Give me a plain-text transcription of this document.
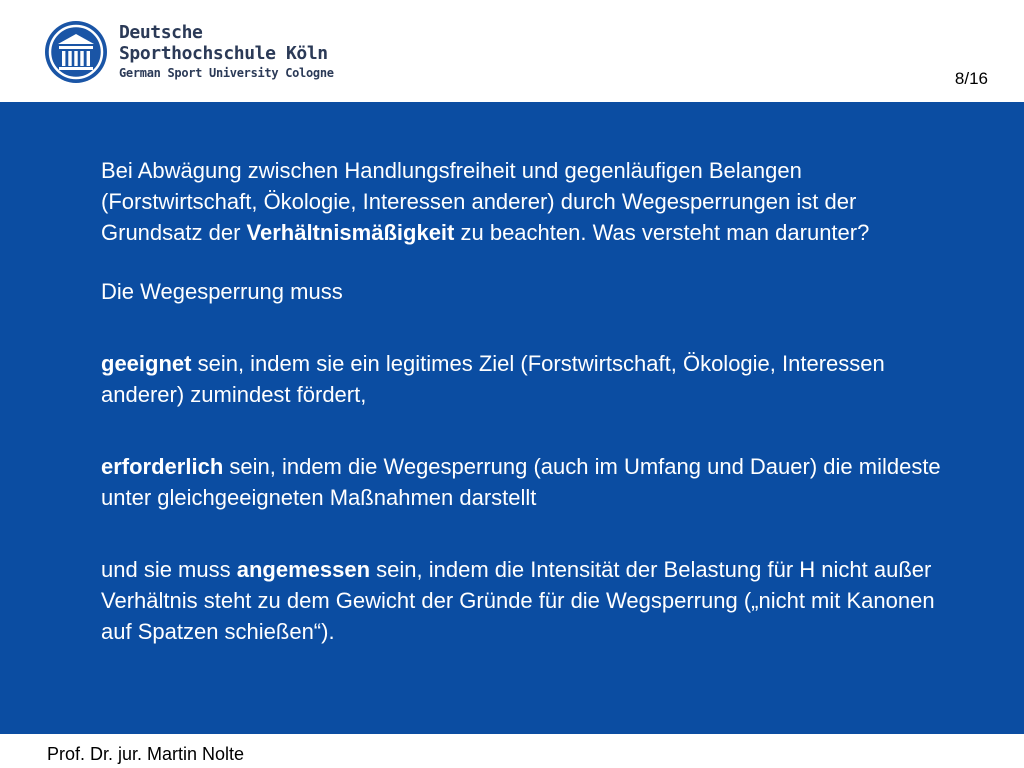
Deutsche
Sporthochschule Köln
German Sport University Cologne	8/16

Bei Abwägung zwischen Handlungsfreiheit und gegenläufigen Belangen (Forstwirtschaft, Ökologie, Interessen anderer) durch Wegesperrungen ist der Grundsatz der Verhältnismäßigkeit zu beachten. Was versteht man darunter?

Die Wegesperrung muss

geeignet sein, indem sie ein legitimes Ziel (Forstwirtschaft, Ökologie, Interessen anderer) zumindest fördert,

erforderlich sein, indem die Wegesperrung (auch im Umfang und Dauer) die mildeste unter gleichgeeigneten Maßnahmen darstellt

und sie muss angemessen sein, indem die Intensität der Belastung für H nicht außer Verhältnis steht zu dem Gewicht der Gründe für die Wegsperrung („nicht mit Kanonen auf Spatzen schießen“).

Prof. Dr. jur. Martin Nolte
